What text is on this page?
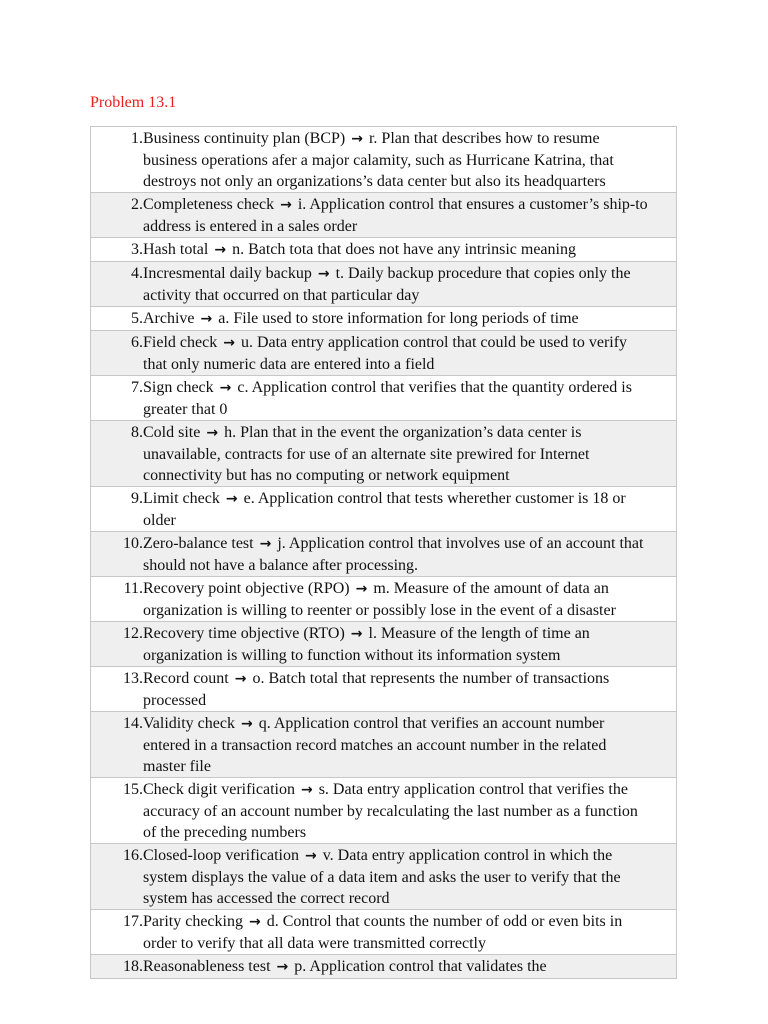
Problem 13.1
1. Business continuity plan (BCP) → r. Plan that describes how to resume business operations afer a major calamity, such as Hurricane Katrina, that destroys not only an organizations’s data center but also its headquarters
2. Completeness check → i. Application control that ensures a customer’s ship-to address is entered in a sales order
3. Hash total → n. Batch tota that does not have any intrinsic meaning
4. Incresmental daily backup → t. Daily backup procedure that copies only the activity that occurred on that particular day
5. Archive → a. File used to store information for long periods of time
6. Field check → u. Data entry application control that could be used to verify that only numeric data are entered into a field
7. Sign check → c. Application control that verifies that the quantity ordered is greater that 0
8. Cold site → h. Plan that in the event the organization’s data center is unavailable, contracts for use of an alternate site prewired for Internet connectivity but has no computing or network equipment
9. Limit check → e. Application control that tests wherether customer is 18 or older
10. Zero-balance test → j. Application control that involves use of an account that should not have a balance after processing.
11. Recovery point objective (RPO) → m. Measure of the amount of data an organization is willing to reenter or possibly lose in the event of a disaster
12. Recovery time objective (RTO) → l. Measure of the length of time an organization is willing to function without its information system
13. Record count → o. Batch total that represents the number of transactions processed
14. Validity check → q. Application control that verifies an account number entered in a transaction record matches an account number in the related master file
15. Check digit verification → s. Data entry application control that verifies the accuracy of an account number by recalculating the last number as a function of the preceding numbers
16. Closed-loop verification → v. Data entry application control in which the system displays the value of a data item and asks the user to verify that the system has accessed the correct record
17. Parity checking → d. Control that counts the number of odd or even bits in order to verify that all data were transmitted correctly
18. Reasonableness test → p. Application control that validates the
